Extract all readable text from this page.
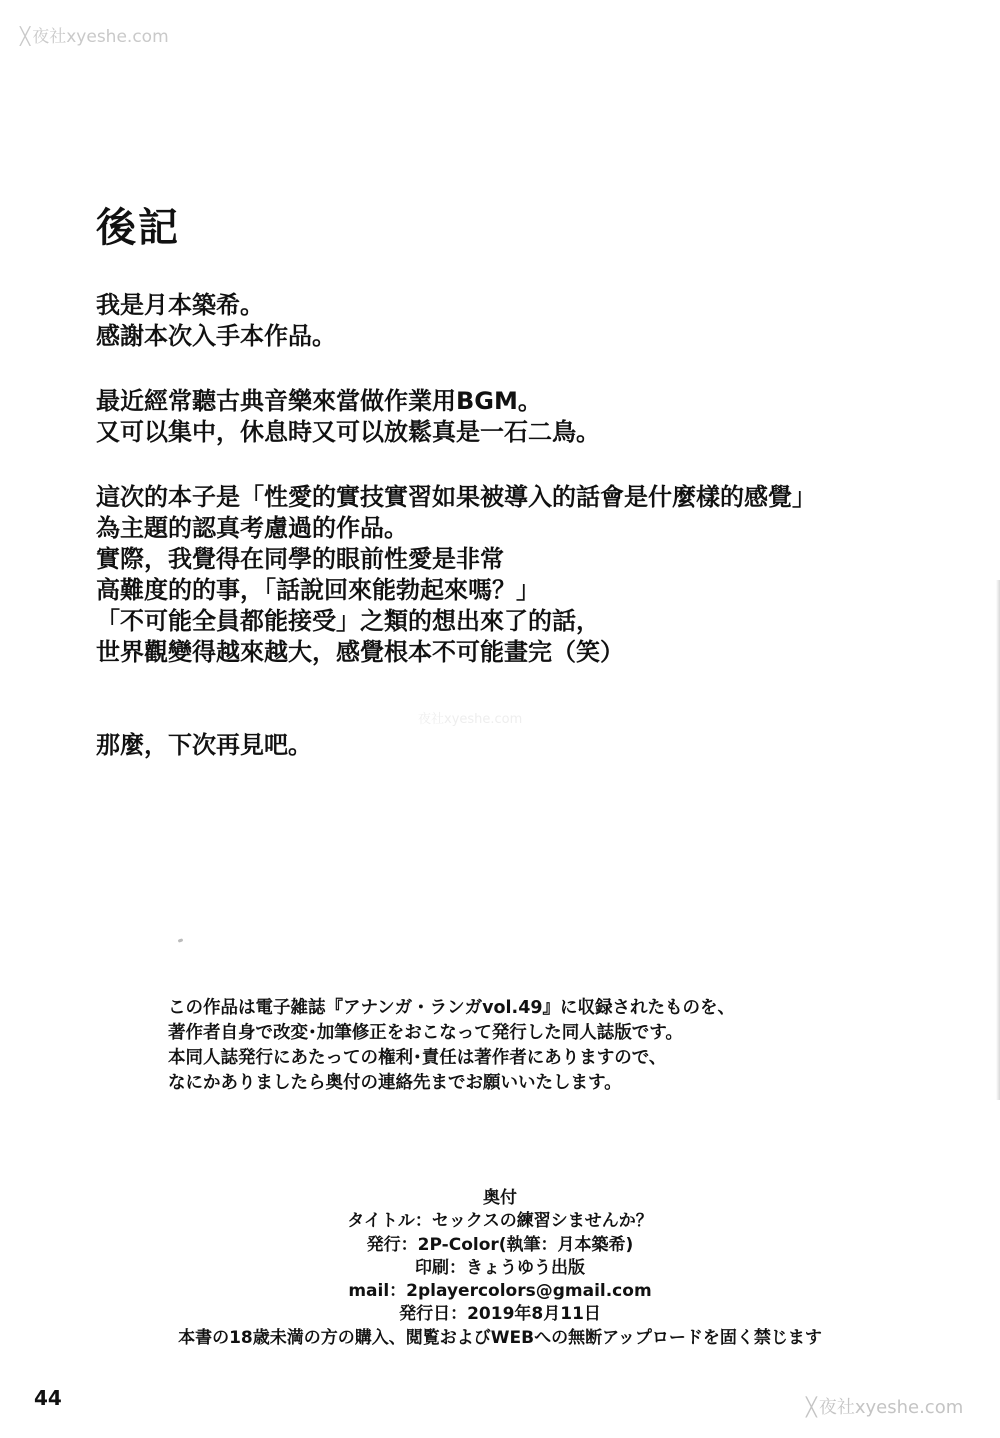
╳ 夜社xyeshe.com
後記

我是月本築希。
感謝本次入手本作品。

最近經常聽古典音樂來當做作業用BGM。
又可以集中，休息時又可以放鬆真是一石二鳥。

這次的本子是「性愛的實技實習如果被導入的話會是什麼樣的感覺」
為主題的認真考慮過的作品。
實際，我覺得在同學的眼前性愛是非常
高難度的的事，「話說回來能勃起來嗎？」
「不可能全員都能接受」之類的想出來了的話，
世界觀變得越來越大，感覺根本不可能畫完（笑）

那麼，下次再見吧。

夜社xyeshe.com
この作品は電子雑誌『アナンガ・ランガvol.49』に収録されたものを、
著作者自身で改変･加筆修正をおこなって発行した同人誌版です。
本同人誌発行にあたっての権利･責任は著作者にありますので、
なにかありましたら奥付の連絡先までお願いいたします。
奥付
タイトル：セックスの練習シませんか？
発行：2P-Color(執筆：月本築希)
印刷：きょうゆう出版
mail：2playercolors@gmail.com
発行日：2019年8月11日
本書の18歳未満の方の購入、閲覧およびWEBへの無断アップロードを固く禁じます
44	╳ 夜社xyeshe.com
